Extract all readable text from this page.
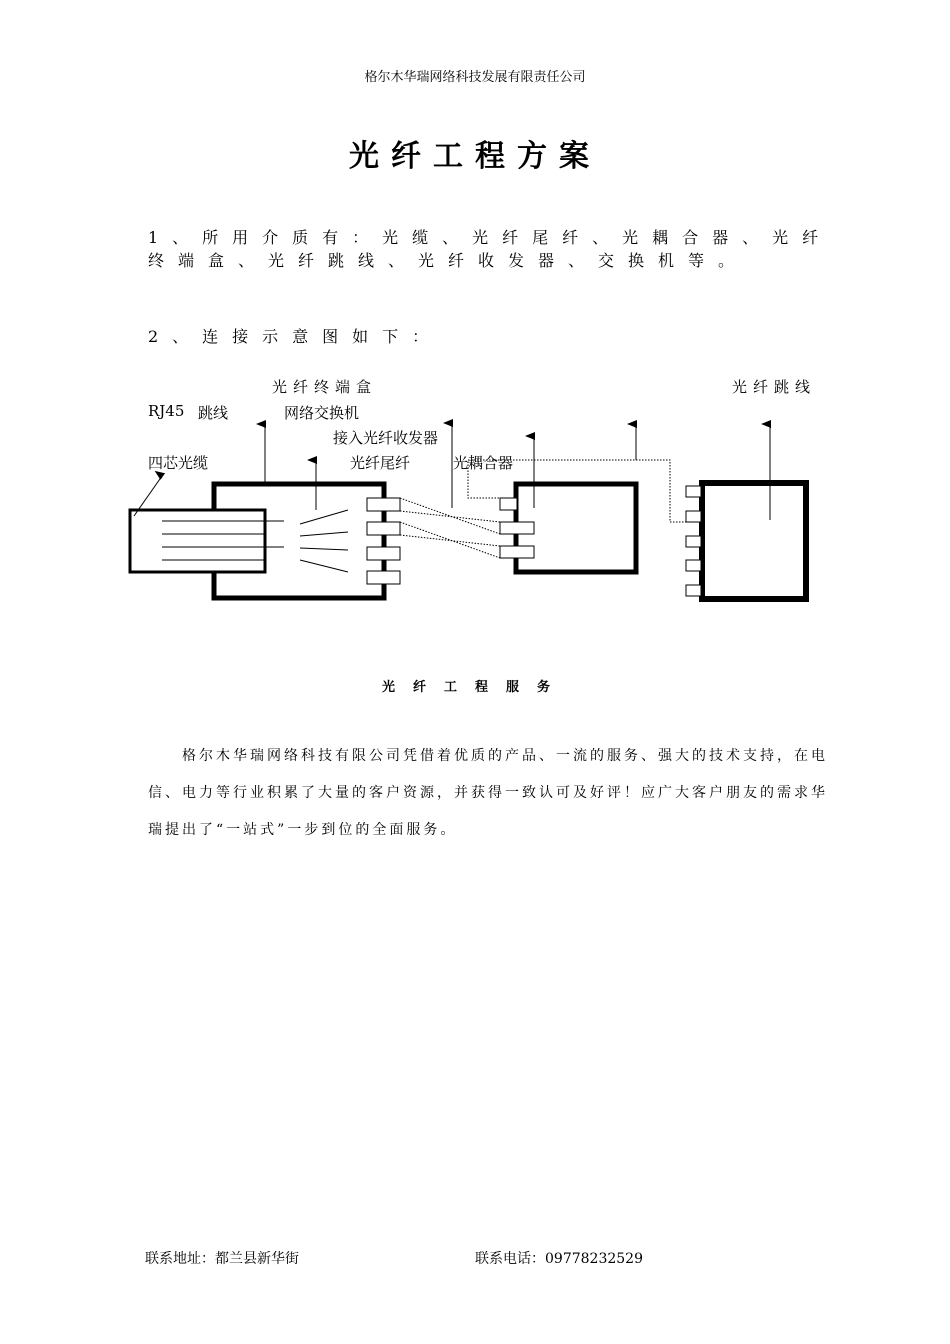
格尔木华瑞网络科技发展有限责任公司
光纤工程方案
1、所用介质有：光缆、光纤尾纤、光耦合器、光纤终端盒、光纤跳线、光纤收发器、交换机等。
2、连接示意图如下：
光纤终端盒	光纤跳线
RJ45 跳线	网络交换机
接入光纤收发器
四芯光缆	光纤尾纤	光耦合器
光纤工程服务
格尔木华瑞网络科技有限公司凭借着优质的产品、一流的服务、强大的技术支持，在电信、电力等行业积累了大量的客户资源，并获得一致认可及好评！应广大客户朋友的需求华瑞提出了“一站式”一步到位的全面服务。
联系地址：都兰县新华街	联系电话：09778232529
